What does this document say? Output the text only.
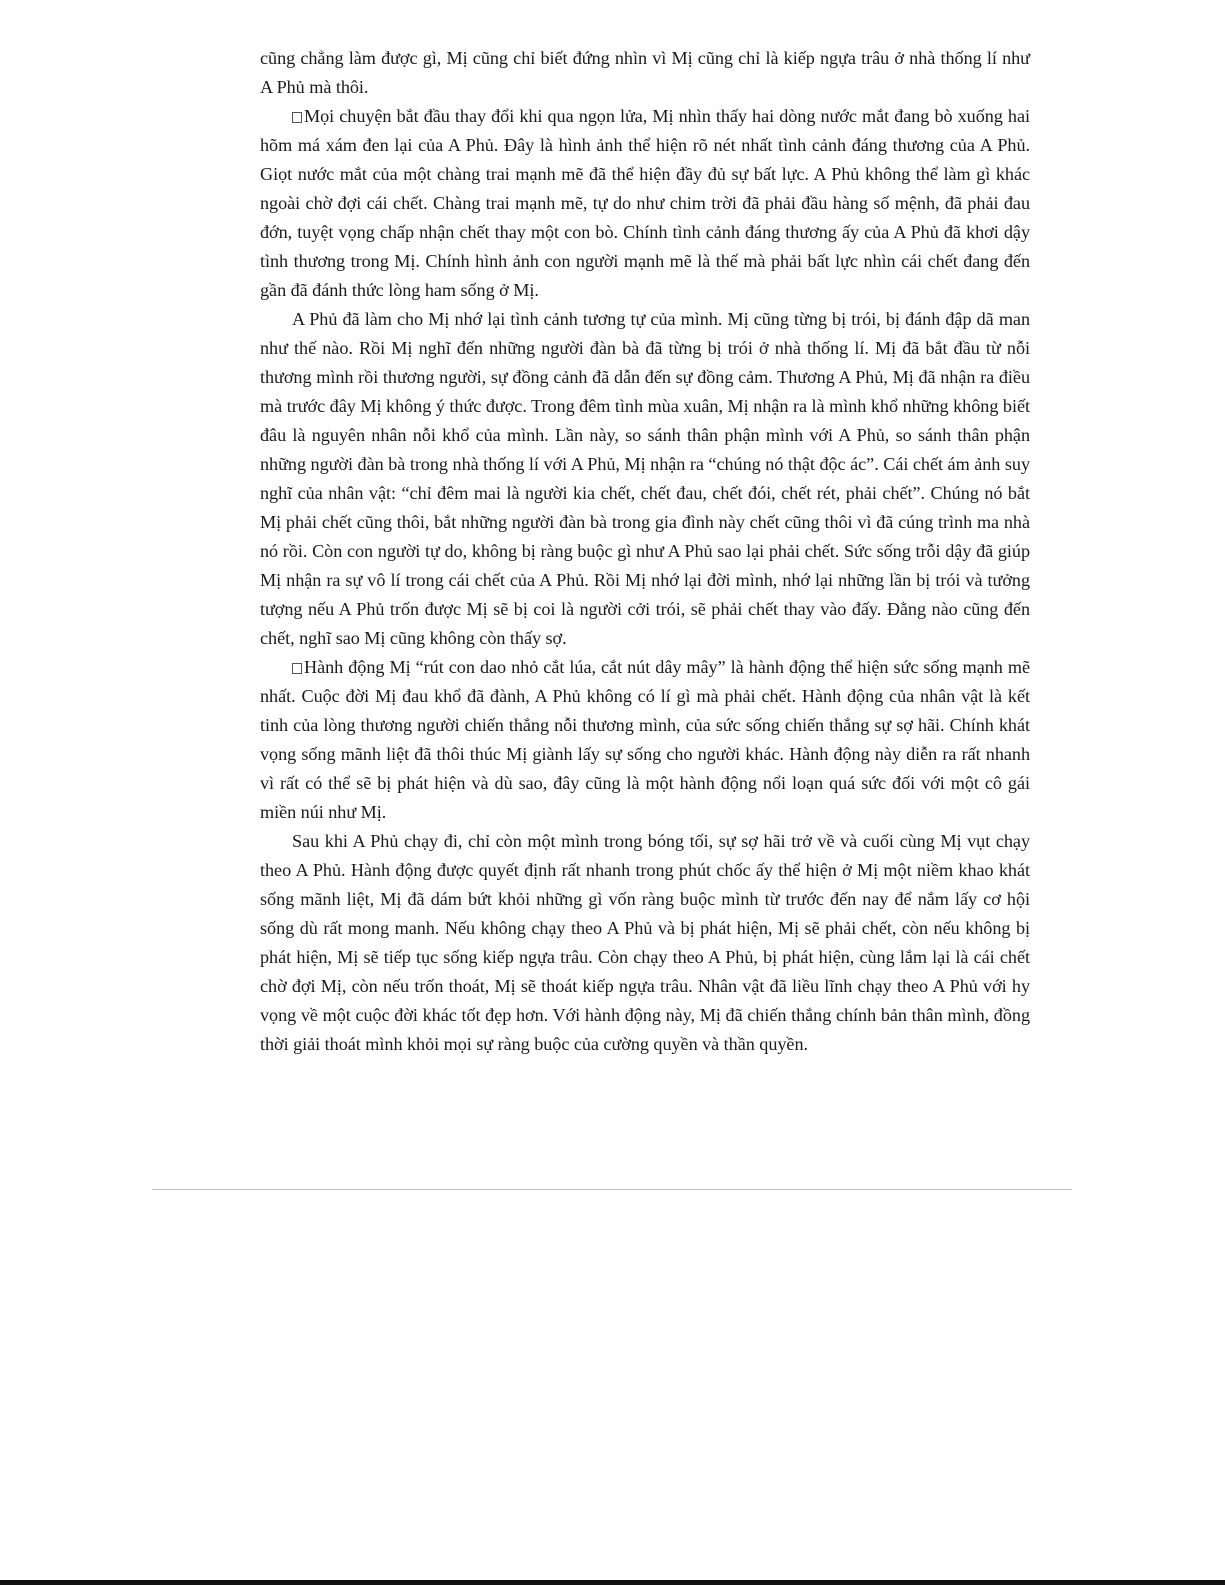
cũng chẳng làm được gì, Mị cũng chỉ biết đứng nhìn vì Mị cũng chỉ là kiếp ngựa trâu ở nhà thống lí như A Phủ mà thôi.

Mọi chuyện bắt đầu thay đổi khi qua ngọn lửa, Mị nhìn thấy hai dòng nước mắt đang bò xuống hai hõm má xám đen lại của A Phủ. Đây là hình ảnh thể hiện rõ nét nhất tình cảnh đáng thương của A Phủ. Giọt nước mắt của một chàng trai mạnh mẽ đã thể hiện đầy đủ sự bất lực. A Phủ không thể làm gì khác ngoài chờ đợi cái chết. Chàng trai mạnh mẽ, tự do như chim trời đã phải đầu hàng số mệnh, đã phải đau đớn, tuyệt vọng chấp nhận chết thay một con bò. Chính tình cảnh đáng thương ấy của A Phủ đã khơi dậy tình thương trong Mị. Chính hình ảnh con người mạnh mẽ là thế mà phải bất lực nhìn cái chết đang đến gần đã đánh thức lòng ham sống ở Mị.

A Phủ đã làm cho Mị nhớ lại tình cảnh tương tự của mình. Mị cũng từng bị trói, bị đánh đập dã man như thế nào. Rồi Mị nghĩ đến những người đàn bà đã từng bị trói ở nhà thống lí. Mị đã bắt đầu từ nỗi thương mình rồi thương người, sự đồng cảnh đã dẫn đến sự đồng cảm. Thương A Phủ, Mị đã nhận ra điều mà trước đây Mị không ý thức được. Trong đêm tình mùa xuân, Mị nhận ra là mình khổ những không biết đâu là nguyên nhân nỗi khổ của mình. Lần này, so sánh thân phận mình với A Phủ, so sánh thân phận những người đàn bà trong nhà thống lí với A Phủ, Mị nhận ra “chúng nó thật độc ác”. Cái chết ám ảnh suy nghĩ của nhân vật: “chỉ đêm mai là người kia chết, chết đau, chết đói, chết rét, phải chết”. Chúng nó bắt Mị phải chết cũng thôi, bắt những người đàn bà trong gia đình này chết cũng thôi vì đã cúng trình ma nhà nó rồi. Còn con người tự do, không bị ràng buộc gì như A Phủ sao lại phải chết. Sức sống trỗi dậy đã giúp Mị nhận ra sự vô lí trong cái chết của A Phủ. Rồi Mị nhớ lại đời mình, nhớ lại những lần bị trói và tưởng tượng nếu A Phủ trốn được Mị sẽ bị coi là người cởi trói, sẽ phải chết thay vào đấy. Đằng nào cũng đến chết, nghĩ sao Mị cũng không còn thấy sợ.

Hành động Mị “rút con dao nhỏ cắt lúa, cắt nút dây mây” là hành động thể hiện sức sống mạnh mẽ nhất. Cuộc đời Mị đau khổ đã đành, A Phủ không có lí gì mà phải chết. Hành động của nhân vật là kết tinh của lòng thương người chiến thắng nỗi thương mình, của sức sống chiến thắng sự sợ hãi. Chính khát vọng sống mãnh liệt đã thôi thúc Mị giành lấy sự sống cho người khác. Hành động này diễn ra rất nhanh vì rất có thể sẽ bị phát hiện và dù sao, đây cũng là một hành động nổi loạn quá sức đối với một cô gái miền núi như Mị.

Sau khi A Phủ chạy đi, chỉ còn một mình trong bóng tối, sự sợ hãi trở về và cuối cùng Mị vụt chạy theo A Phủ. Hành động được quyết định rất nhanh trong phút chốc ấy thể hiện ở Mị một niềm khao khát sống mãnh liệt, Mị đã dám bứt khỏi những gì vốn ràng buộc mình từ trước đến nay để nắm lấy cơ hội sống dù rất mong manh. Nếu không chạy theo A Phủ và bị phát hiện, Mị sẽ phải chết, còn nếu không bị phát hiện, Mị sẽ tiếp tục sống kiếp ngựa trâu. Còn chạy theo A Phủ, bị phát hiện, cùng lắm lại là cái chết chờ đợi Mị, còn nếu trốn thoát, Mị sẽ thoát kiếp ngựa trâu. Nhân vật đã liều lĩnh chạy theo A Phủ với hy vọng về một cuộc đời khác tốt đẹp hơn. Với hành động này, Mị đã chiến thắng chính bản thân mình, đồng thời giải thoát mình khỏi mọi sự ràng buộc của cường quyền và thần quyền.
